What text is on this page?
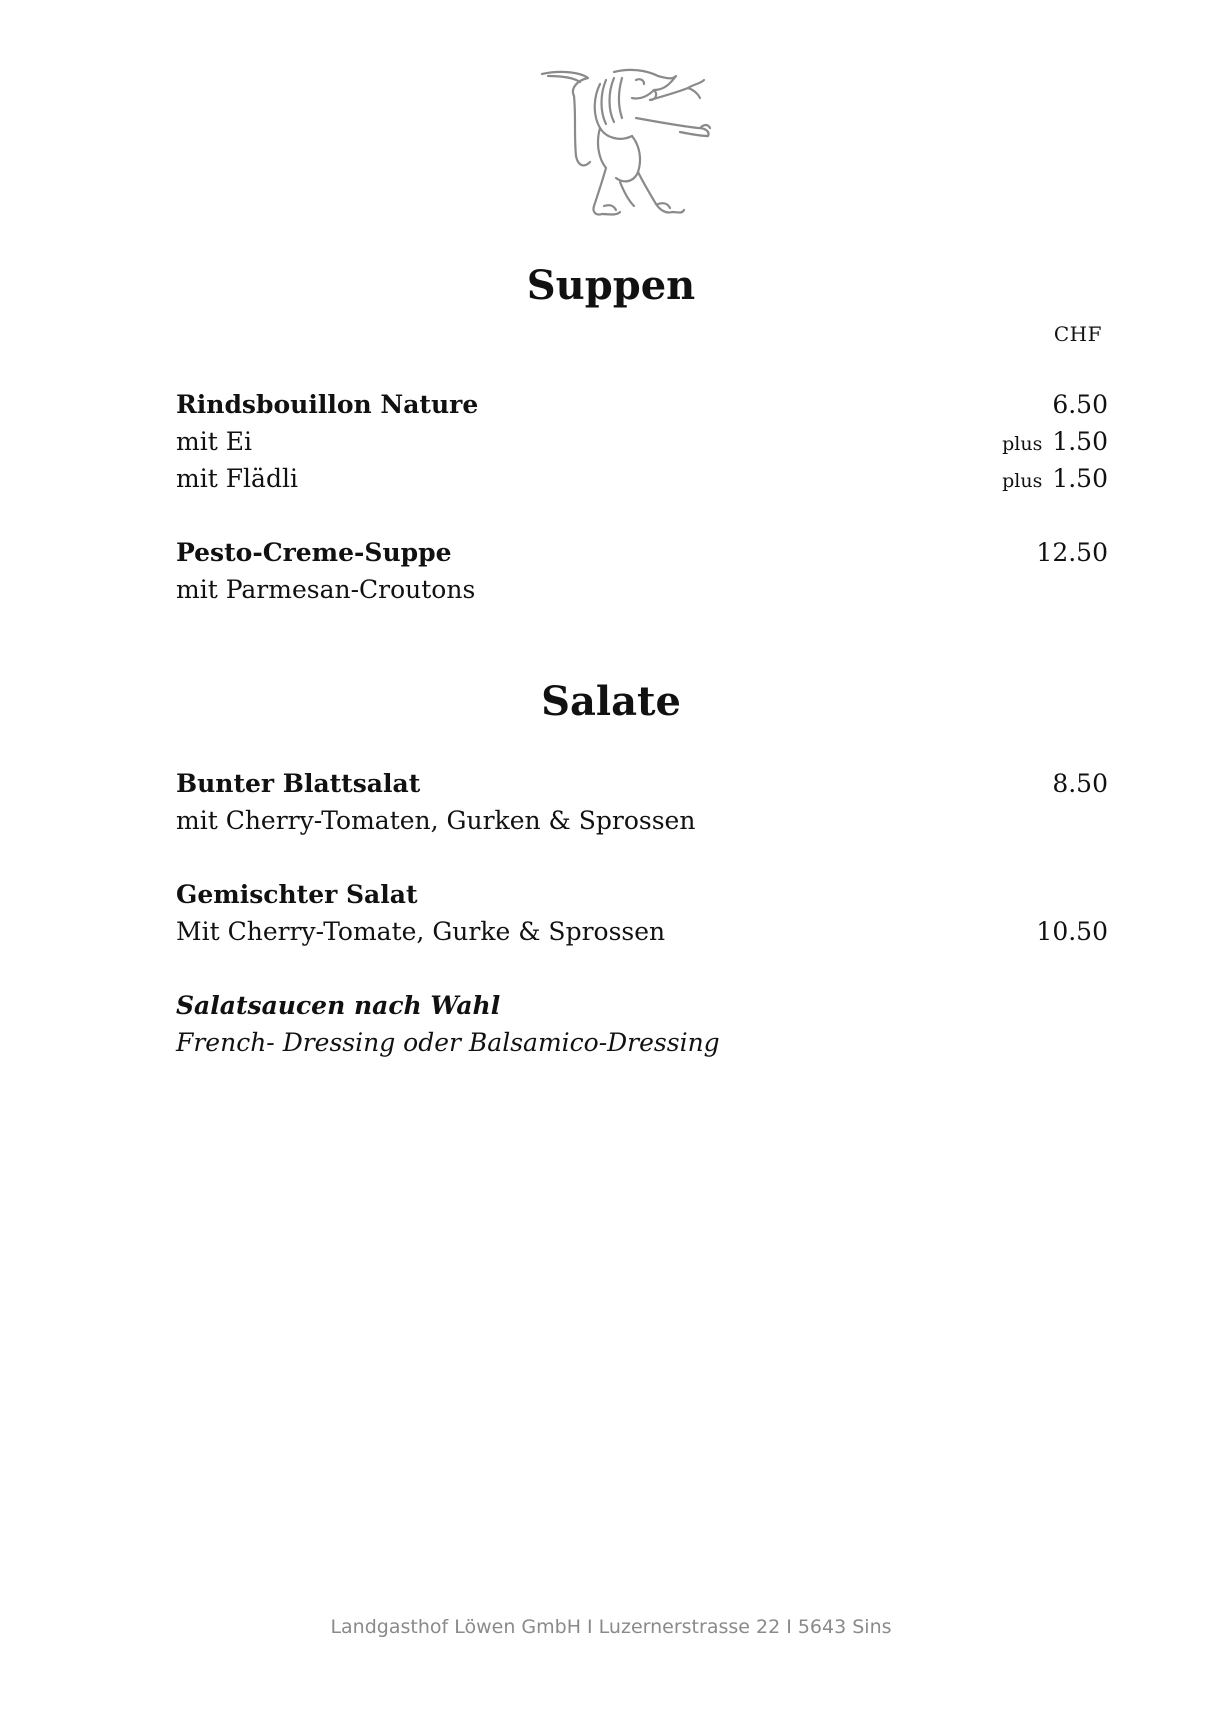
Suppen
CHF
Rindsbouillon Nature	6.50
mit Ei	plus 1.50
mit Flädli	plus 1.50
Pesto-Creme-Suppe	12.50
mit Parmesan-Croutons
Salate
Bunter Blattsalat	8.50
mit Cherry-Tomaten, Gurken & Sprossen
Gemischter Salat
Mit Cherry-Tomate, Gurke & Sprossen	10.50
Salatsaucen nach Wahl
French- Dressing oder Balsamico-Dressing
Landgasthof Löwen GmbH I Luzernerstrasse 22 I 5643 Sins
